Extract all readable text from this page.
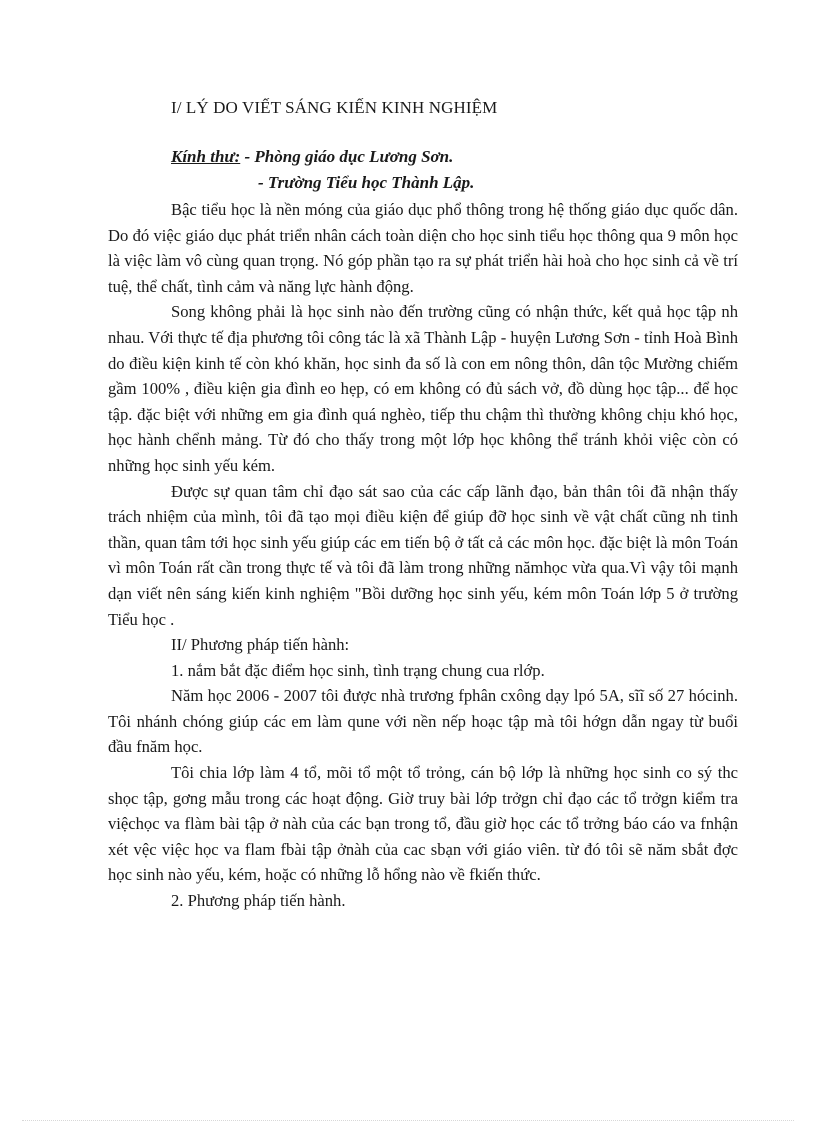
I/ LÝ DO VIẾT SÁNG KIẾN KINH NGHIỆM
Kính thư: - Phòng giáo dục Lương Sơn.
- Trường Tiểu học Thành Lập.

Bậc tiểu học là nền móng của giáo dục phổ thông trong hệ thống giáo dục quốc dân. Do đó việc giáo dục phát triển nhân cách toàn diện cho học sinh tiểu học thông qua 9 môn học là việc làm vô cùng quan trọng. Nó góp phần tạo ra sự phát triển hài hoà cho học sinh cả về trí tuệ, thể chất, tình cảm và năng lực hành động.

Song không phải là học sinh nào đến trường cũng có nhận thức, kết quả học tập nh nhau. Với thực tế địa phương tôi công tác là xã Thành Lập - huyện Lương Sơn - tỉnh Hoà Bình do điều kiện kinh tế còn khó khăn, học sinh đa số là con em nông thôn, dân tộc Mường chiếm gầm 100% , điều kiện gia đình eo hẹp, có em không có đủ sách vở, đồ dùng học tập... để học tập. đặc biệt với những em gia đình quá nghèo, tiếp thu chậm thì thường không chịu khó học, học hành chểnh mảng. Từ đó cho thấy trong một lớp học không thể tránh khỏi việc còn có những học sinh yếu kém.

Được sự quan tâm chỉ đạo sát sao của các cấp lãnh đạo, bản thân tôi đã nhận thấy trách nhiệm của mình, tôi đã tạo mọi điều kiện để giúp đỡ học sinh về vật chất cũng nh tinh thần, quan tâm tới học sinh yếu giúp các em tiến bộ ở tất cả các môn học. đặc biệt là môn Toán vì môn Toán rất cần trong thực tế và tôi đã làm trong những nămhọc vừa qua.Vì vậy tôi mạnh dạn viết nên sáng kiến kinh nghiệm "Bồi dưỡng học sinh yếu, kém môn Toán lớp 5 ở trường Tiểu học .

II/ Phương pháp tiến hành:

1. nắm bắt đặc điểm học sinh, tình trạng chung cua rlớp.

Năm học 2006 - 2007 tôi được nhà trương fphân cxông dạy lpó 5A, sĩĩ số 27 hócinh. Tôi nhánh chóng giúp các em làm qune với nền nếp hoạc tập mà tôi hớgn dẫn ngay từ buổi đầu fnăm học.

Tôi chia lớp làm 4 tổ, mõi tổ một tổ trỏng, cán bộ lớp là những học sinh co sý thc shọc tập, gơng mẫu trong các hoạt động. Giờ truy bài lớp trởgn chỉ đạo các tổ trởgn kiểm tra việchọc va flàm bài tập ở nàh của các bạn trong tổ, đầu giờ học các tổ trởng báo cáo va fnhận xét vệc việc học va flam fbài tập ởnàh của cac sbạn với giáo viên. từ đó tôi sẽ năm sbắt đợc học sinh nào yếu, kém, hoặc có những lỗ hổng nào về fkiến thức.

2. Phương pháp tiến hành.
